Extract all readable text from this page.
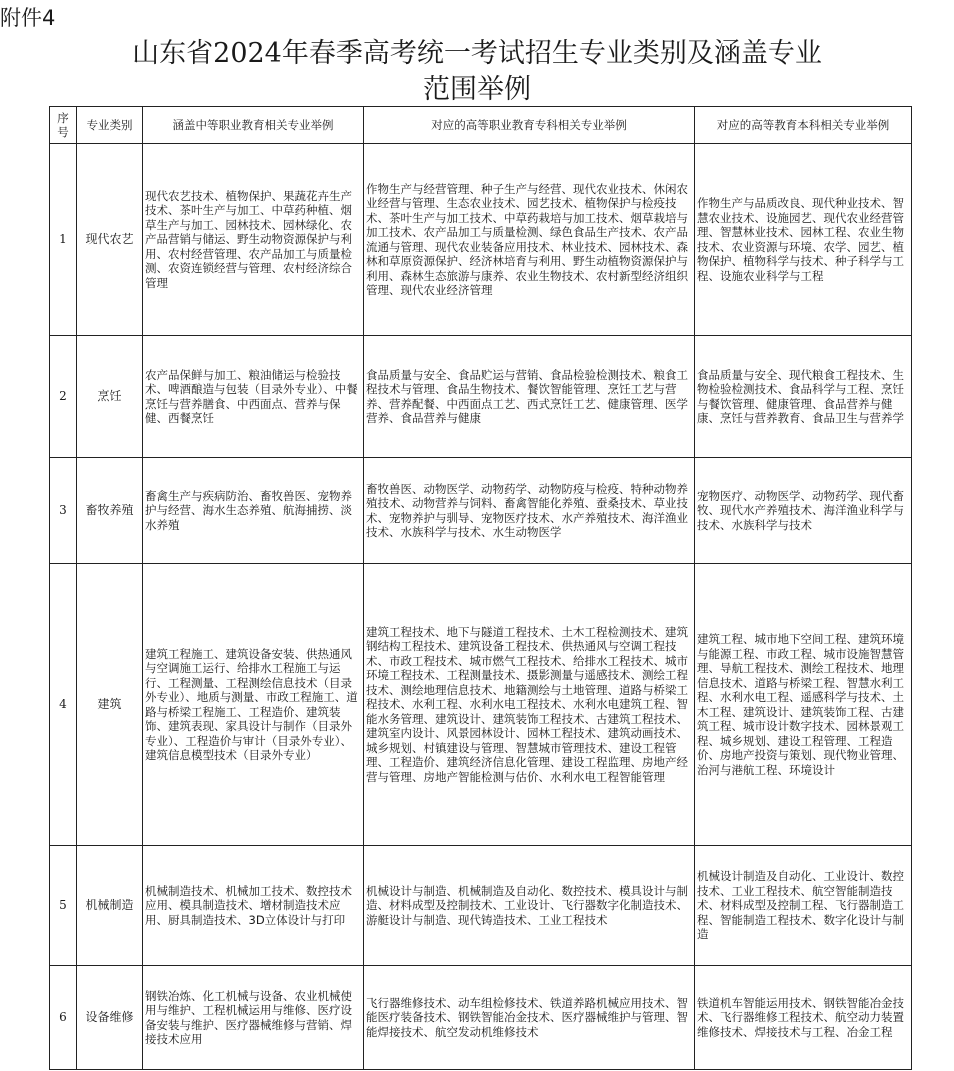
附件4
山东省2024年春季高考统一考试招生专业类别及涵盖专业
范围举例
序号	专业类别	涵盖中等职业教育相关专业举例	对应的高等职业教育专科相关专业举例	对应的高等教育本科相关专业举例
1	现代农艺	现代农艺技术、植物保护、果蔬花卉生产技术、茶叶生产与加工、中草药种植、烟草生产与加工、园林技术、园林绿化、农产品营销与储运、野生动物资源保护与利用、农村经营管理、农产品加工与质量检测、农资连锁经营与管理、农村经济综合管理	作物生产与经营管理、种子生产与经营、现代农业技术、休闲农业经营与管理、生态农业技术、园艺技术、植物保护与检疫技术、茶叶生产与加工技术、中草药栽培与加工技术、烟草栽培与加工技术、农产品加工与质量检测、绿色食品生产技术、农产品流通与管理、现代农业装备应用技术、林业技术、园林技术、森林和草原资源保护、经济林培育与利用、野生动植物资源保护与利用、森林生态旅游与康养、农业生物技术、农村新型经济组织管理、现代农业经济管理	作物生产与品质改良、现代种业技术、智慧农业技术、设施园艺、现代农业经营管理、智慧林业技术、园林工程、农业生物技术、农业资源与环境、农学、园艺、植物保护、植物科学与技术、种子科学与工程、设施农业科学与工程
2	烹饪	农产品保鲜与加工、粮油储运与检验技术、啤酒酿造与包装（目录外专业）、中餐烹饪与营养膳食、中西面点、营养与保健、西餐烹饪	食品质量与安全、食品贮运与营销、食品检验检测技术、粮食工程技术与管理、食品生物技术、餐饮智能管理、烹饪工艺与营养、营养配餐、中西面点工艺、西式烹饪工艺、健康管理、医学营养、食品营养与健康	食品质量与安全、现代粮食工程技术、生物检验检测技术、食品科学与工程、烹饪与餐饮管理、健康管理、食品营养与健康、烹饪与营养教育、食品卫生与营养学
3	畜牧养殖	畜禽生产与疾病防治、畜牧兽医、宠物养护与经营、海水生态养殖、航海捕捞、淡水养殖	畜牧兽医、动物医学、动物药学、动物防疫与检疫、特种动物养殖技术、动物营养与饲料、畜禽智能化养殖、蚕桑技术、草业技术、宠物养护与驯导、宠物医疗技术、水产养殖技术、海洋渔业技术、水族科学与技术、水生动物医学	宠物医疗、动物医学、动物药学、现代畜牧、现代水产养殖技术、海洋渔业科学与技术、水族科学与技术
4	建筑	建筑工程施工、建筑设备安装、供热通风与空调施工运行、给排水工程施工与运行、工程测量、工程测绘信息技术（目录外专业）、地质与测量、市政工程施工、道路与桥梁工程施工、工程造价、建筑装饰、建筑表现、家具设计与制作（目录外专业）、工程造价与审计（目录外专业）、建筑信息模型技术（目录外专业）	建筑工程技术、地下与隧道工程技术、土木工程检测技术、建筑钢结构工程技术、建筑设备工程技术、供热通风与空调工程技术、市政工程技术、城市燃气工程技术、给排水工程技术、城市环境工程技术、工程测量技术、摄影测量与遥感技术、测绘工程技术、测绘地理信息技术、地籍测绘与土地管理、道路与桥梁工程技术、水利工程、水利水电工程技术、水利水电建筑工程、智能水务管理、建筑设计、建筑装饰工程技术、古建筑工程技术、建筑室内设计、风景园林设计、园林工程技术、建筑动画技术、城乡规划、村镇建设与管理、智慧城市管理技术、建设工程管理、工程造价、建筑经济信息化管理、建设工程监理、房地产经营与管理、房地产智能检测与估价、水利水电工程智能管理	建筑工程、城市地下空间工程、建筑环境与能源工程、市政工程、城市设施智慧管理、导航工程技术、测绘工程技术、地理信息技术、道路与桥梁工程、智慧水利工程、水利水电工程、遥感科学与技术、土木工程、建筑设计、建筑装饰工程、古建筑工程、城市设计数字技术、园林景观工程、城乡规划、建设工程管理、工程造价、房地产投资与策划、现代物业管理、治河与港航工程、环境设计
5	机械制造	机械制造技术、机械加工技术、数控技术应用、模具制造技术、增材制造技术应用、厨具制造技术、3D立体设计与打印	机械设计与制造、机械制造及自动化、数控技术、模具设计与制造、材料成型及控制技术、工业设计、飞行器数字化制造技术、游艇设计与制造、现代铸造技术、工业工程技术	机械设计制造及自动化、工业设计、数控技术、工业工程技术、航空智能制造技术、材料成型及控制工程、飞行器制造工程、智能制造工程技术、数字化设计与制造
6	设备维修	钢铁冶炼、化工机械与设备、农业机械使用与维护、工程机械运用与维修、医疗设备安装与维护、医疗器械维修与营销、焊接技术应用	飞行器维修技术、动车组检修技术、铁道养路机械应用技术、智能医疗装备技术、钢铁智能冶金技术、医疗器械维护与管理、智能焊接技术、航空发动机维修技术	铁道机车智能运用技术、钢铁智能冶金技术、飞行器维修工程技术、航空动力装置维修技术、焊接技术与工程、冶金工程
